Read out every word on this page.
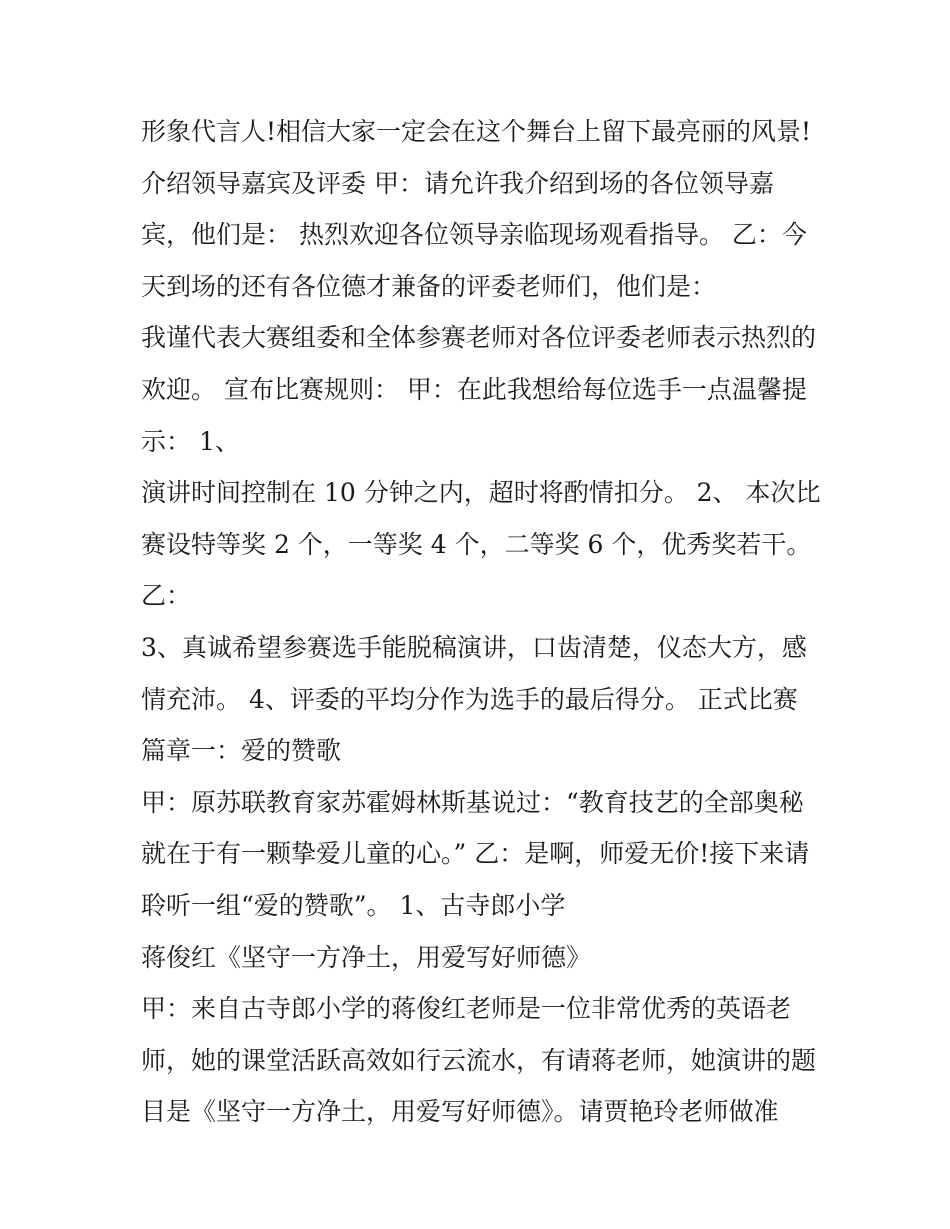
形象代言人!相信大家一定会在这个舞台上留下最亮丽的风景!
介绍领导嘉宾及评委 甲：请允许我介绍到场的各位领导嘉
宾，他们是： 热烈欢迎各位领导亲临现场观看指导。 乙：今
天到场的还有各位德才兼备的评委老师们，他们是：
我谨代表大赛组委和全体参赛老师对各位评委老师表示热烈的
欢迎。 宣布比赛规则： 甲：在此我想给每位选手一点温馨提
示： 1、
演讲时间控制在 10 分钟之内，超时将酌情扣分。 2、 本次比
赛设特等奖 2 个，一等奖 4 个，二等奖 6 个，优秀奖若干。
乙：
3、真诚希望参赛选手能脱稿演讲，口齿清楚，仪态大方，感
情充沛。 4、评委的平均分作为选手的最后得分。 正式比赛
篇章一：爱的赞歌
甲：原苏联教育家苏霍姆林斯基说过：“教育技艺的全部奥秘
就在于有一颗挚爱儿童的心。” 乙：是啊，师爱无价!接下来请
聆听一组“爱的赞歌”。 1、古寺郎小学
蒋俊红《坚守一方净土，用爱写好师德》
甲：来自古寺郎小学的蒋俊红老师是一位非常优秀的英语老
师，她的课堂活跃高效如行云流水，有请蒋老师，她演讲的题
目是《坚守一方净土，用爱写好师德》。请贾艳玲老师做准
